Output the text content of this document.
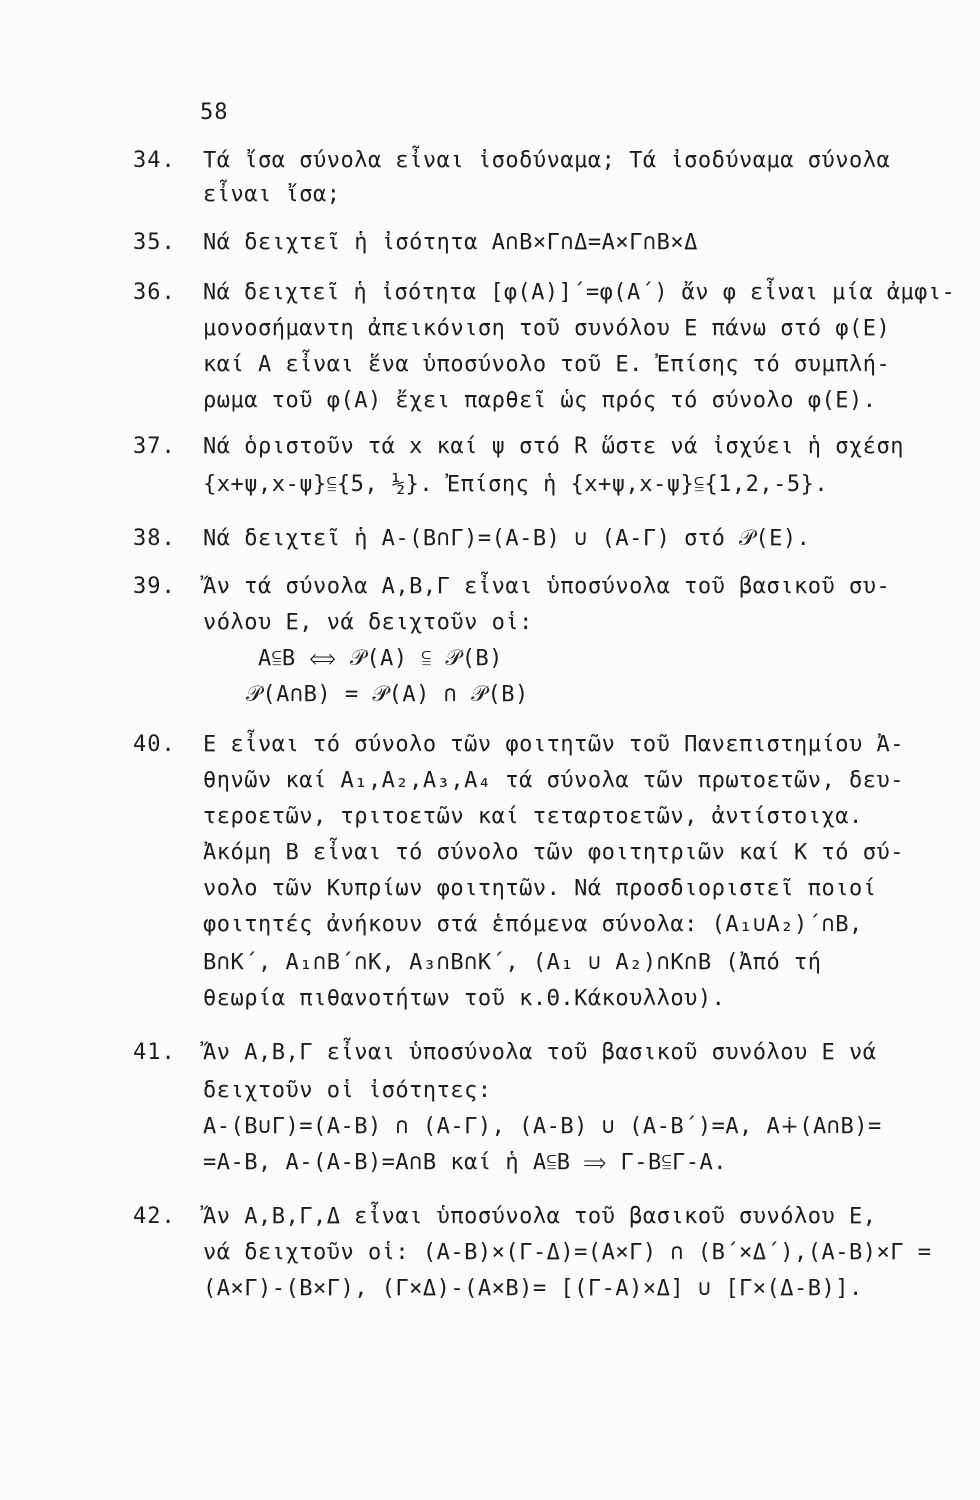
58
34. Τά ἴσα σύνολα εἶναι ἰσοδύναμα; Τά ἰσοδύναμα σύνολα
εἶναι ἴσα;
35. Νά δειχτεῖ ἡ ἰσότητα Α∩Β×Γ∩Δ=Α×Γ∩Β×Δ
36. Νά δειχτεῖ ἡ ἰσότητα [φ(Α)]΄=φ(Α΄) ἄν φ εἶναι μία ἀμφι-
μονοσήμαντη ἀπεικόνιση τοῦ συνόλου Ε πάνω στό φ(Ε)
καί Α εἶναι ἕνα ὑποσύνολο τοῦ Ε. Ἐπίσης τό συμπλή-
ρωμα τοῦ φ(Α) ἔχει παρθεῖ ὡς πρός τό σύνολο φ(Ε).
37. Νά ὁριστοῦν τά x καί ψ στό R ὥστε νά ἰσχύει ἡ σχέση
{x+ψ,x-ψ}⫅{5, ½}. Ἐπίσης ἡ {x+ψ,x-ψ}⫅{1,2,-5}.
38. Νά δειχτεῖ ἡ Α-(Β∩Γ)=(Α-Β) ∪ (Α-Γ) στό 𝒫(Ε).
39. Ἄν τά σύνολα Α,Β,Γ εἶναι ὑποσύνολα τοῦ βασικοῦ συ-
νόλου Ε, νά δειχτοῦν οἱ:
Α⫅Β ⟺ 𝒫(Α) ⫅ 𝒫(Β)
𝒫(Α∩Β) = 𝒫(Α) ∩ 𝒫(Β)
40. Ε εἶναι τό σύνολο τῶν φοιτητῶν τοῦ Πανεπιστημίου Ἀ-
θηνῶν καί Α₁,Α₂,Α₃,Α₄ τά σύνολα τῶν πρωτοετῶν, δευ-
τεροετῶν, τριτοετῶν καί τεταρτοετῶν, ἀντίστοιχα.
Ἀκόμη Β εἶναι τό σύνολο τῶν φοιτητριῶν καί Κ τό σύ-
νολο τῶν Κυπρίων φοιτητῶν. Νά προσδιοριστεῖ ποιοί
φοιτητές ἀνήκουν στά ἑπόμενα σύνολα: (Α₁∪Α₂)΄∩Β,
Β∩Κ΄, Α₁∩Β΄∩Κ, Α₃∩Β∩Κ΄, (Α₁ ∪ Α₂)∩Κ∩Β (Ἀπό τή
θεωρία πιθανοτήτων τοῦ κ.Θ.Κάκουλλου).
41. Ἄν Α,Β,Γ εἶναι ὑποσύνολα τοῦ βασικοῦ συνόλου Ε νά
δειχτοῦν οἱ ἰσότητες:
Α-(Β∪Γ)=(Α-Β) ∩ (Α-Γ), (Α-Β) ∪ (Α-Β΄)=Α, Α∔(Α∩Β)=
=Α-Β, Α-(Α-Β)=Α∩Β καί ἡ Α⫅Β ⟹ Γ-Β⫅Γ-Α.
42. Ἄν Α,Β,Γ,Δ εἶναι ὑποσύνολα τοῦ βασικοῦ συνόλου Ε,
νά δειχτοῦν οἱ: (Α-Β)×(Γ-Δ)=(Α×Γ) ∩ (Β΄×Δ΄),(Α-Β)×Γ =
(Α×Γ)-(Β×Γ), (Γ×Δ)-(Α×Β)= [(Γ-Α)×Δ] ∪ [Γ×(Δ-Β)].
